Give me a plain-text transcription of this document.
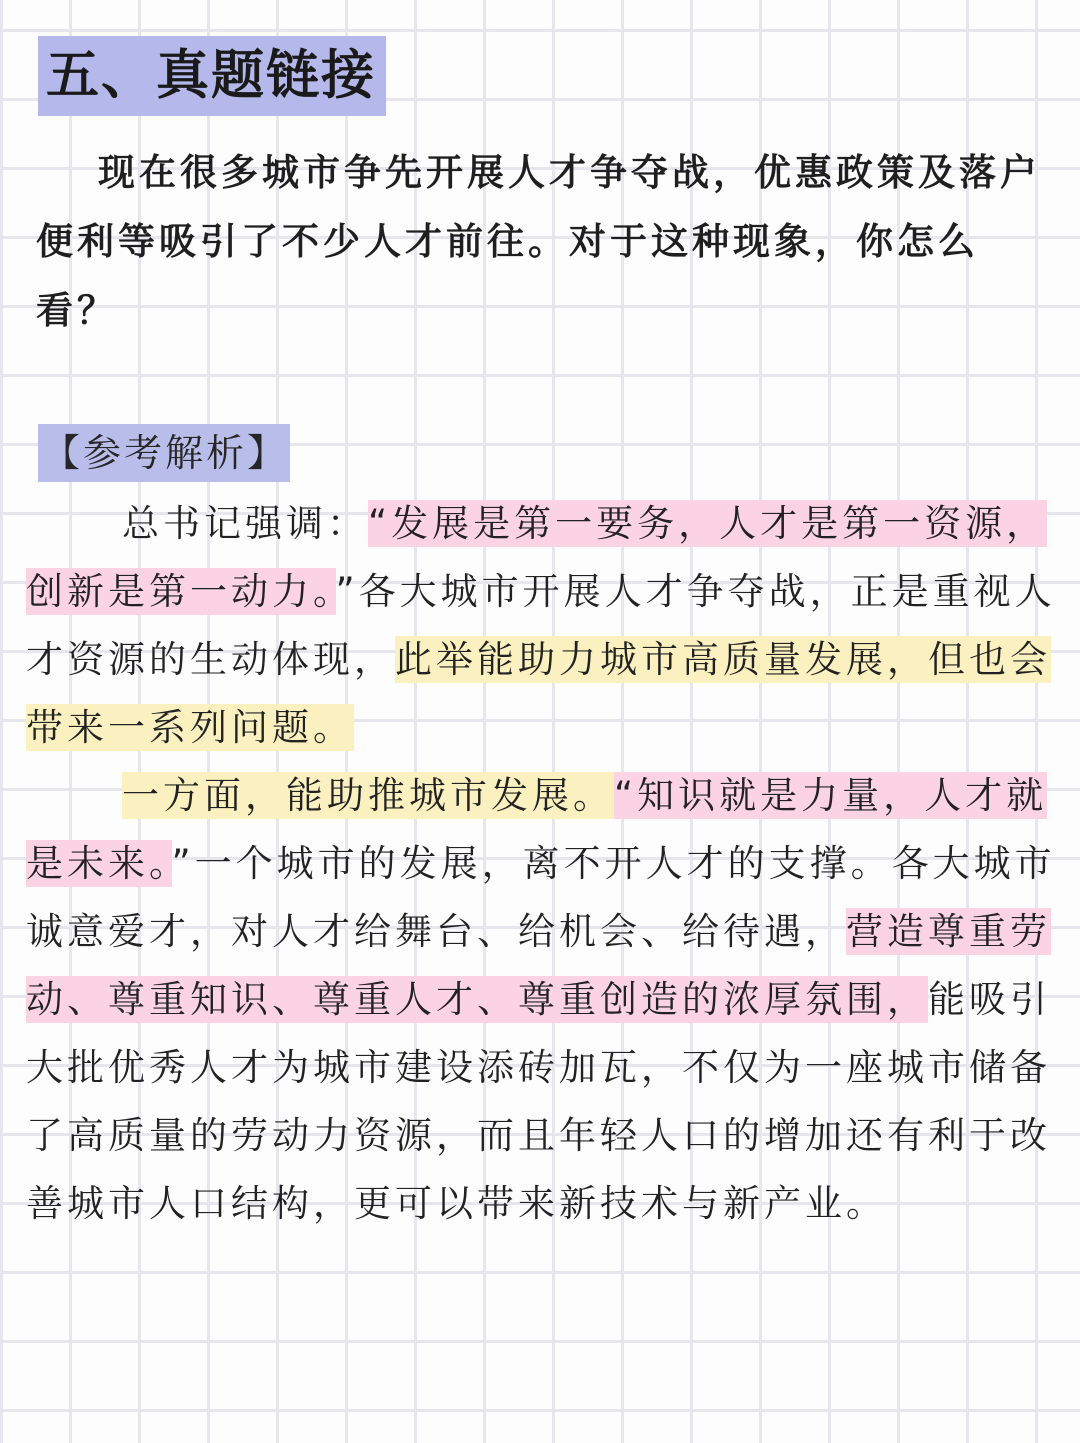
五、真题链接
现在很多城市争先开展人才争夺战，优惠政策及落户便利等吸引了不少人才前往。对于这种现象，你怎么看？
【参考解析】

总书记强调：“发展是第一要务，人才是第一资源，创新是第一动力。”各大城市开展人才争夺战，正是重视人才资源的生动体现，此举能助力城市高质量发展，但也会带来一系列问题。

一方面，能助推城市发展。“知识就是力量，人才就是未来。”一个城市的发展，离不开人才的支撑。各大城市诚意爱才，对人才给舞台、给机会、给待遇，营造尊重劳动、尊重知识、尊重人才、尊重创造的浓厚氛围，能吸引大批优秀人才为城市建设添砖加瓦，不仅为一座城市储备了高质量的劳动力资源，而且年轻人口的增加还有利于改善城市人口结构，更可以带来新技术与新产业。
